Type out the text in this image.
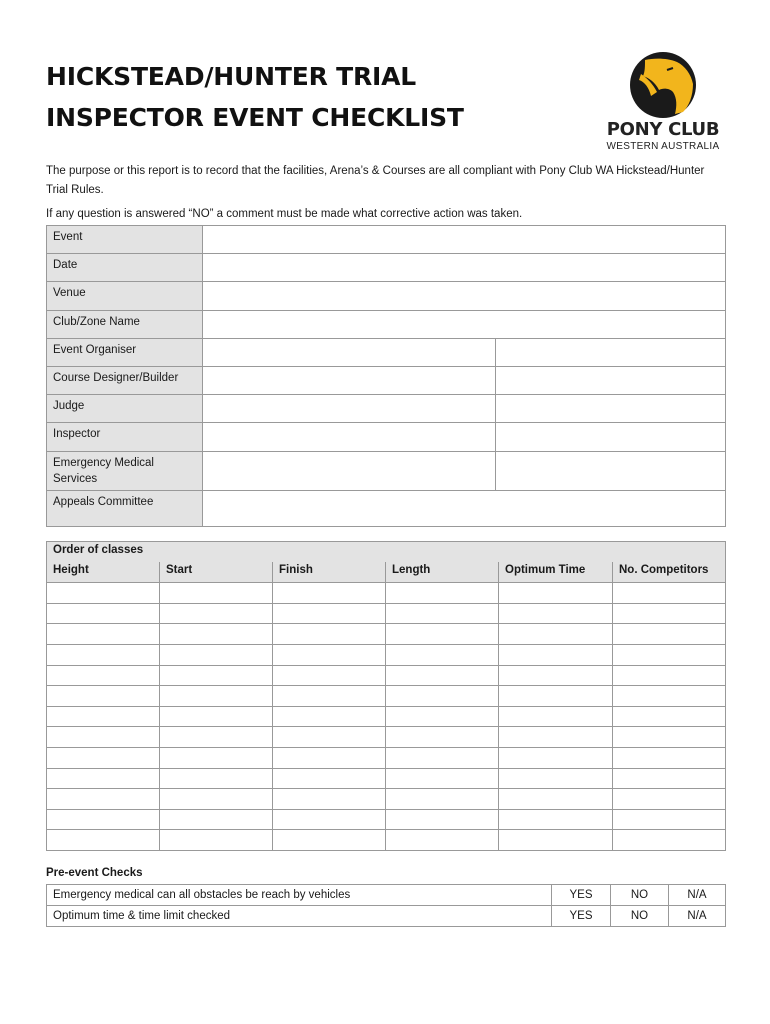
HICKSTEAD/HUNTER TRIAL
INSPECTOR EVENT CHECKLIST	PONY CLUB
WESTERN AUSTRALIA

The purpose or this report is to record that the facilities, Arena’s & Courses are all compliant with Pony Club WA Hickstead/Hunter Trial Rules.

If any question is answered “NO” a comment must be made what corrective action was taken.

Event		
Date		
Venue		
Club/Zone Name		
Event Organiser		
Course Designer/Builder		
Judge		
Inspector		
Emergency Medical Services		
Appeals Committee		
Order of classes					
Height	Start	Finish	Length	Optimum Time	No. Competitors

Pre-event Checks
Emergency medical can all obstacles be reach by vehicles	YES	NO	N/A
Optimum time & time limit checked	YES	NO	N/A
